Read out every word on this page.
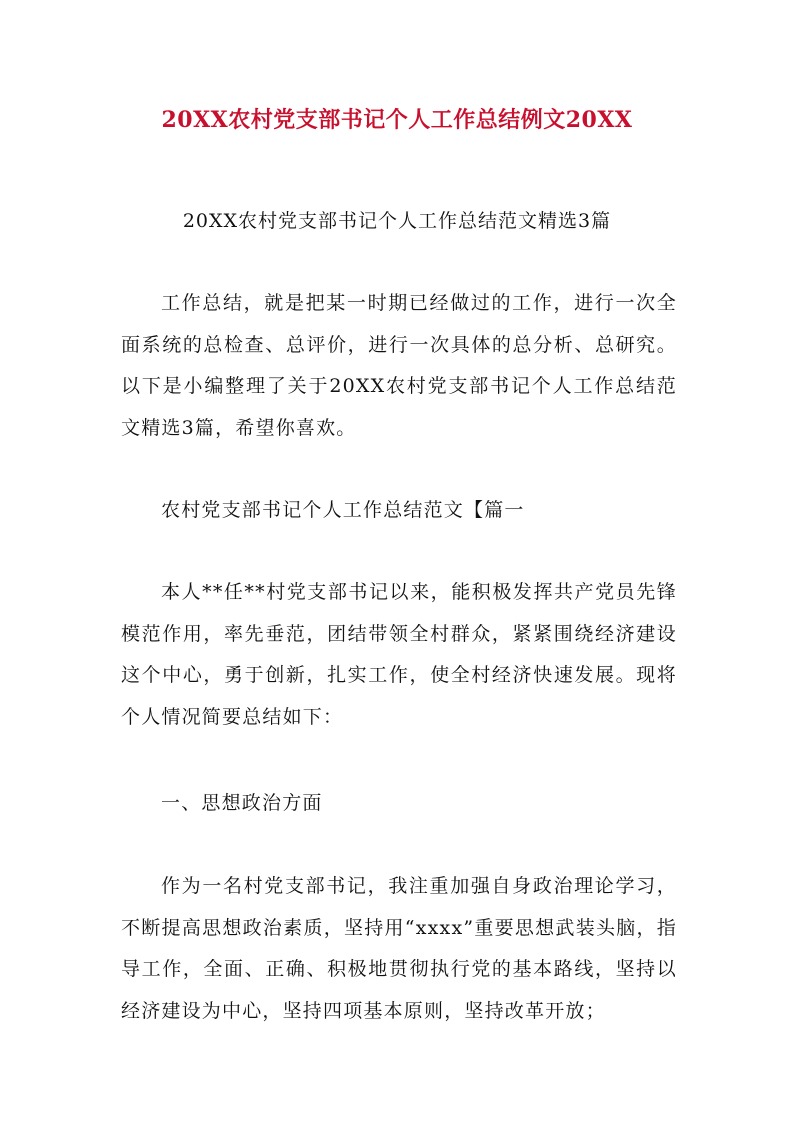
20XX农村党支部书记个人工作总结例文20XX
20XX农村党支部书记个人工作总结范文精选3篇

工作总结，就是把某一时期已经做过的工作，进行一次全面系统的总检查、总评价，进行一次具体的总分析、总研究。以下是小编整理了关于20XX农村党支部书记个人工作总结范文精选3篇，希望你喜欢。

农村党支部书记个人工作总结范文【篇一

本人**任**村党支部书记以来，能积极发挥共产党员先锋模范作用，率先垂范，团结带领全村群众，紧紧围绕经济建设这个中心，勇于创新，扎实工作，使全村经济快速发展。现将个人情况简要总结如下：

一、思想政治方面

作为一名村党支部书记，我注重加强自身政治理论学习，不断提高思想政治素质，坚持用“xxxx”重要思想武装头脑，指导工作，全面、正确、积极地贯彻执行党的基本路线，坚持以经济建设为中心，坚持四项基本原则，坚持改革开放；
